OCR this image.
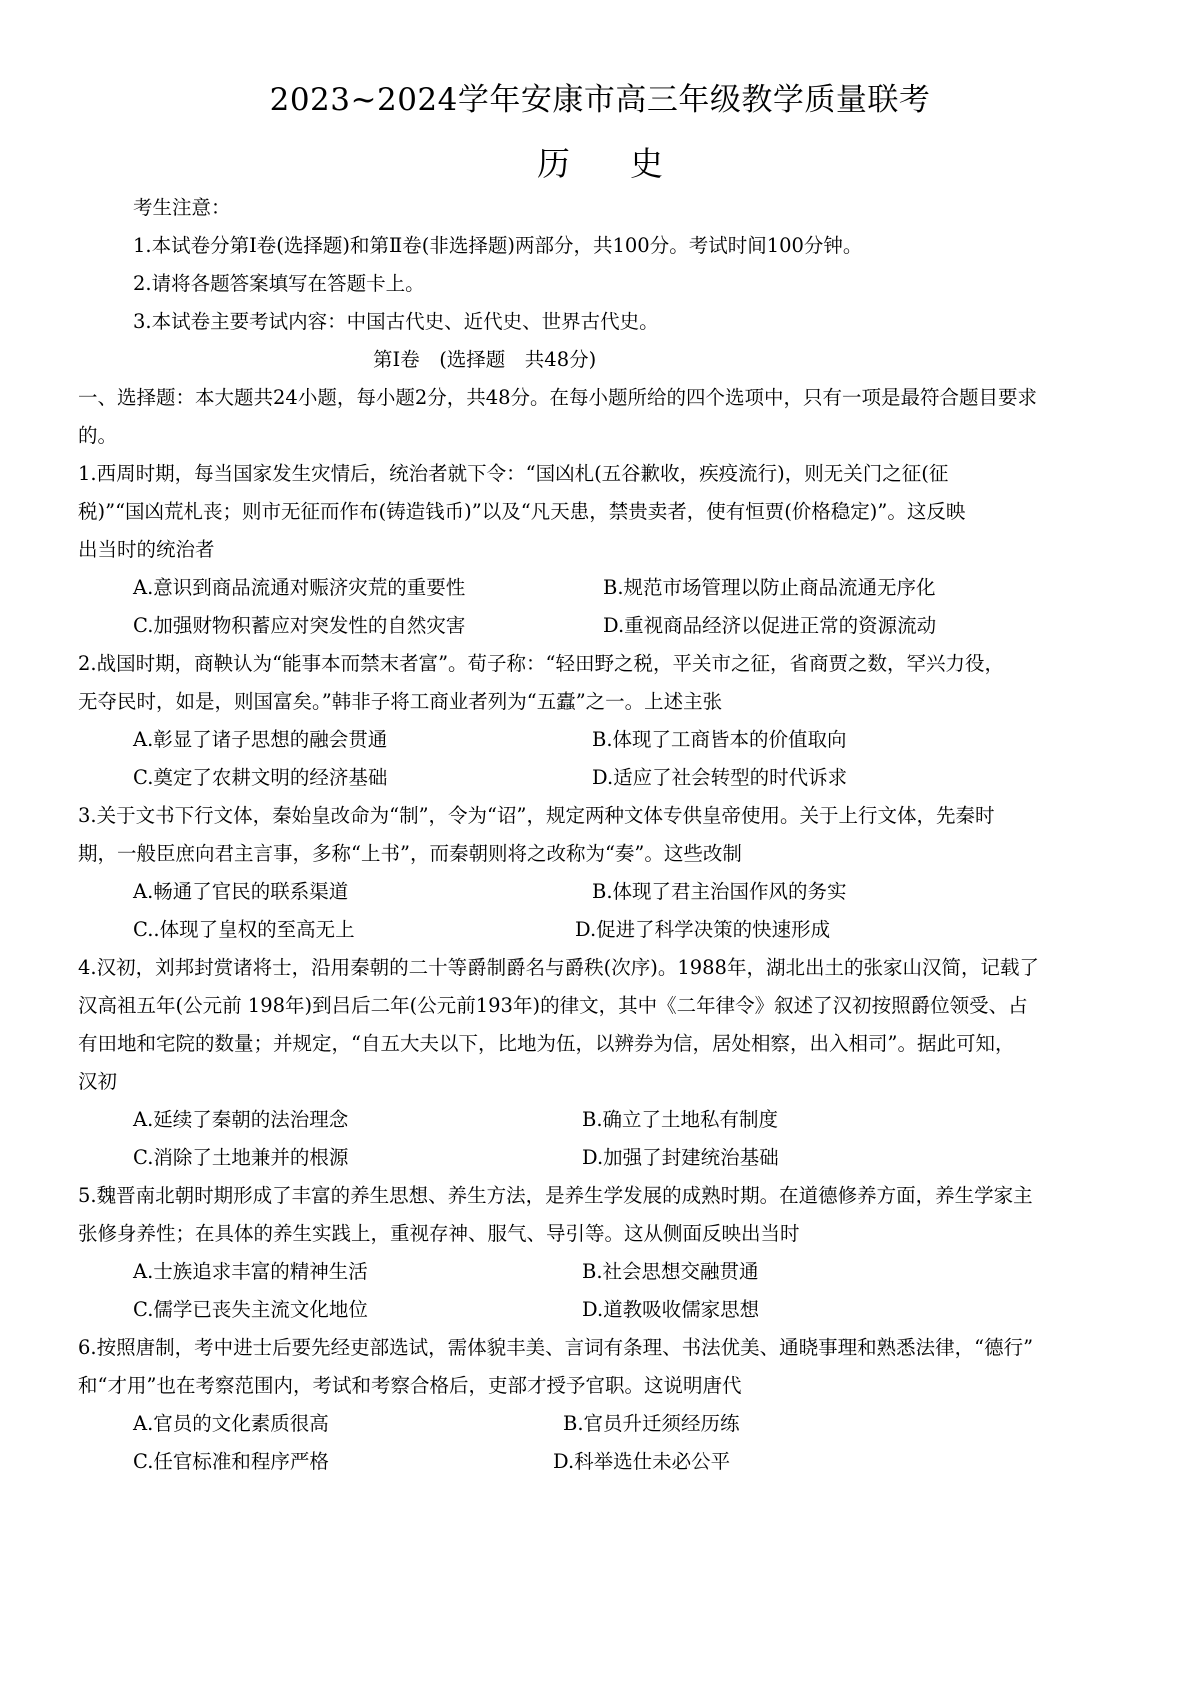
2023~2024学年安康市高三年级教学质量联考
历 史
考生注意：
1.本试卷分第Ⅰ卷(选择题)和第Ⅱ卷(非选择题)两部分，共100分。考试时间100分钟。
2.请将各题答案填写在答题卡上。
3.本试卷主要考试内容：中国古代史、近代史、世界古代史。
第Ⅰ卷　(选择题　共48分)
一、选择题：本大题共24小题，每小题2分，共48分。在每小题所给的四个选项中，只有一项是最符合题目要求
的。
1.西周时期，每当国家发生灾情后，统治者就下令：“国凶札(五谷歉收，疾疫流行)，则无关门之征(征
税)”“国凶荒札丧；则市无征而作布(铸造钱币)”以及“凡天患，禁贵卖者，使有恒贾(价格稳定)”。这反映
出当时的统治者
A.意识到商品流通对赈济灾荒的重要性	B.规范市场管理以防止商品流通无序化
C.加强财物积蓄应对突发性的自然灾害	D.重视商品经济以促进正常的资源流动
2.战国时期，商鞅认为“能事本而禁末者富”。荀子称：“轻田野之税，平关市之征，省商贾之数，罕兴力役，
无夺民时，如是，则国富矣。”韩非子将工商业者列为“五蠹”之一。上述主张
A.彰显了诸子思想的融会贯通	B.体现了工商皆本的价值取向
C.奠定了农耕文明的经济基础	D.适应了社会转型的时代诉求
3.关于文书下行文体，秦始皇改命为“制”，令为“诏”，规定两种文体专供皇帝使用。关于上行文体，先秦时
期，一般臣庶向君主言事，多称“上书”，而秦朝则将之改称为“奏”。这些改制
A.畅通了官民的联系渠道	B.体现了君主治国作风的务实
C..体现了皇权的至高无上	D.促进了科学决策的快速形成
4.汉初，刘邦封赏诸将士，沿用秦朝的二十等爵制爵名与爵秩(次序)。1988年，湖北出土的张家山汉简，记载了
汉高祖五年(公元前 198年)到吕后二年(公元前193年)的律文，其中《二年律令》叙述了汉初按照爵位领受、占
有田地和宅院的数量；并规定，“自五大夫以下，比地为伍，以辨券为信，居处相察，出入相司”。据此可知，
汉初
A.延续了秦朝的法治理念	B.确立了土地私有制度
C.消除了土地兼并的根源	D.加强了封建统治基础
5.魏晋南北朝时期形成了丰富的养生思想、养生方法，是养生学发展的成熟时期。在道德修养方面，养生学家主
张修身养性；在具体的养生实践上，重视存神、服气、导引等。这从侧面反映出当时
A.士族追求丰富的精神生活	B.社会思想交融贯通
C.儒学已丧失主流文化地位	D.道教吸收儒家思想
6.按照唐制，考中进士后要先经吏部选试，需体貌丰美、言词有条理、书法优美、通晓事理和熟悉法律，“德行”
和“才用”也在考察范围内，考试和考察合格后，吏部才授予官职。这说明唐代
A.官员的文化素质很高	B.官员升迁须经历练
C.任官标准和程序严格	D.科举选仕未必公平
